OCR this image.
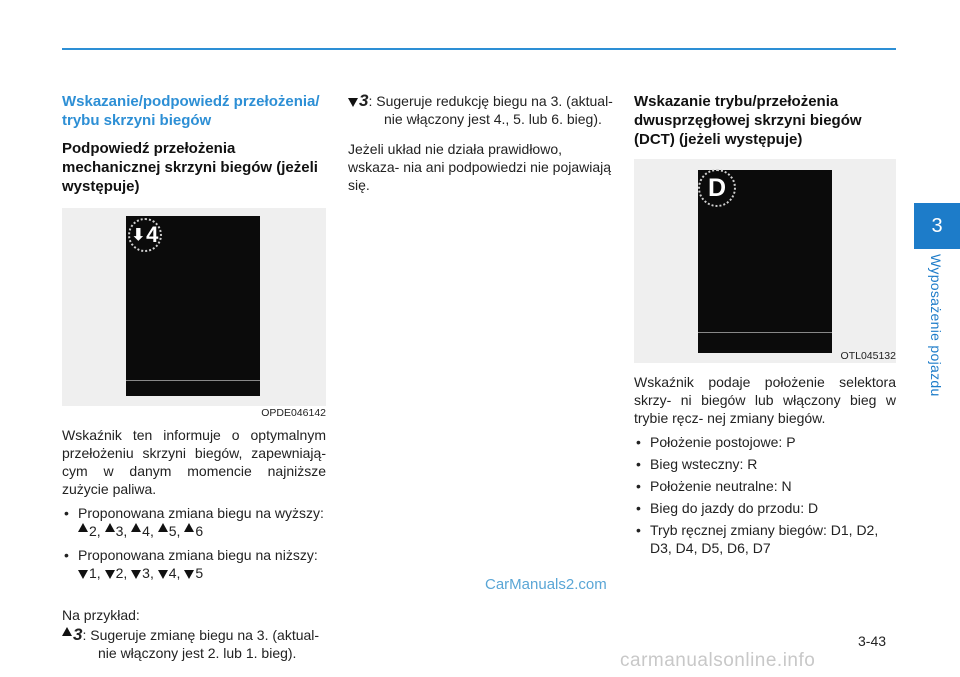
3
Wyposażenie pojazdu
Wskazanie/podpowiedź przełożenia/ trybu skrzyni biegów
Podpowiedź przełożenia mechanicznej skrzyni biegów (jeżeli występuje)
⬇ 4
OPDE046142
Wskaźnik ten informuje o optymalnym przełożeniu skrzyni biegów, zapewniają- cym w danym momencie najniższe zużycie paliwa.
• Proponowana zmiana biegu na wyższy:
2, 3, 4, 5, 6
• Proponowana zmiana biegu na niższy:
1, 2, 3, 4, 5
Na przykład:
3: Sugeruje zmianę biegu na 3. (aktual-
nie włączony jest 2. lub 1. bieg).
3: Sugeruje redukcję biegu na 3. (aktual-
nie włączony jest 4., 5. lub 6. bieg).
Jeżeli układ nie działa prawidłowo, wskaza- nia ani podpowiedzi nie pojawiają się.
Wskazanie trybu/przełożenia dwusprzęgłowej skrzyni biegów (DCT) (jeżeli występuje)
D
OTL045132
Wskaźnik podaje położenie selektora skrzy- ni biegów lub włączony bieg w trybie ręcz- nej zmiany biegów.
• Położenie postojowe: P
• Bieg wsteczny: R
• Położenie neutralne: N
• Bieg do jazdy do przodu: D
• Tryb ręcznej zmiany biegów: D1, D2, D3, D4, D5, D6, D7
CarManuals2.com
3-43
carmanualsonline.info
